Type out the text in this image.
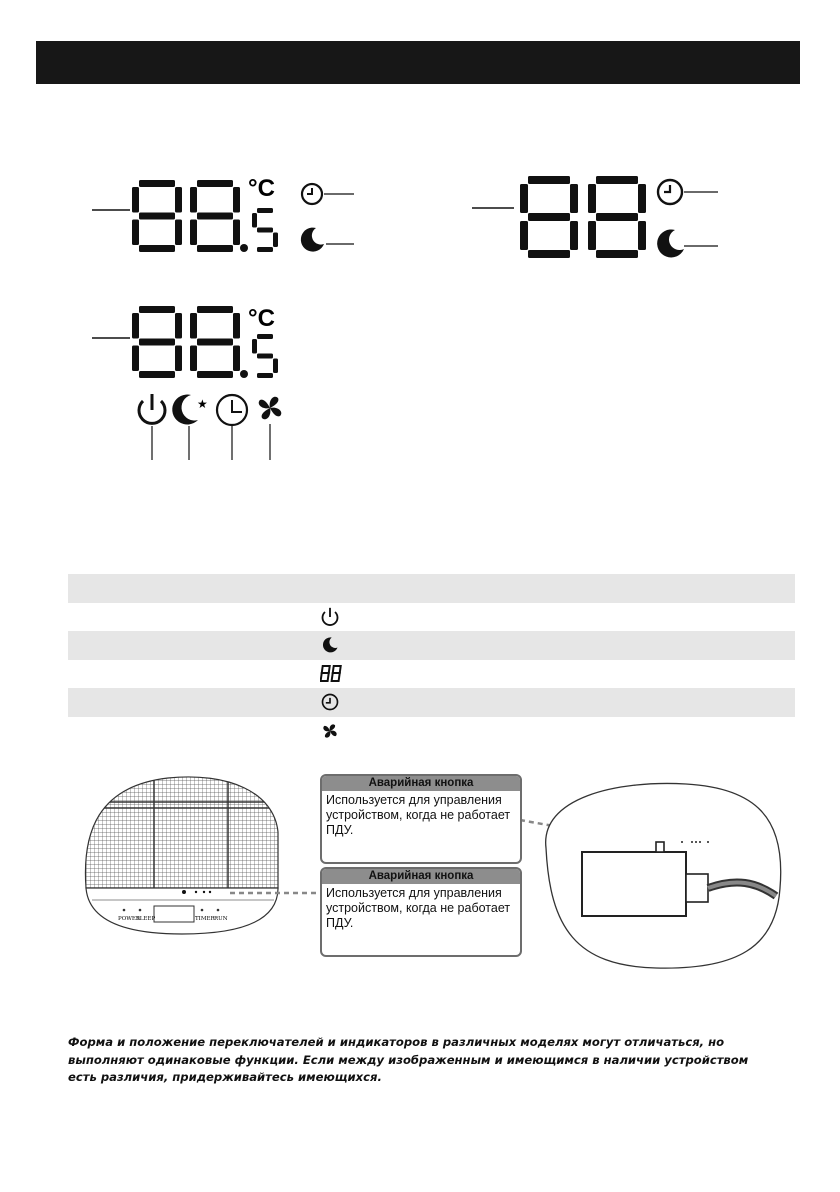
°C
°C
★
POWER
SLEEP	TIMER RUN
Аварийная кнопка
Используется для управления устройством, когда не работает ПДУ.
Аварийная кнопка
Используется для управления устройством, когда не работает ПДУ.
Форма и положение переключателей и индикаторов в различных моделях могут отличаться, но выполняют одинаковые функции. Если между изображенным и имеющимся в наличии устройством есть различия, придерживайтесь имеющихся.
